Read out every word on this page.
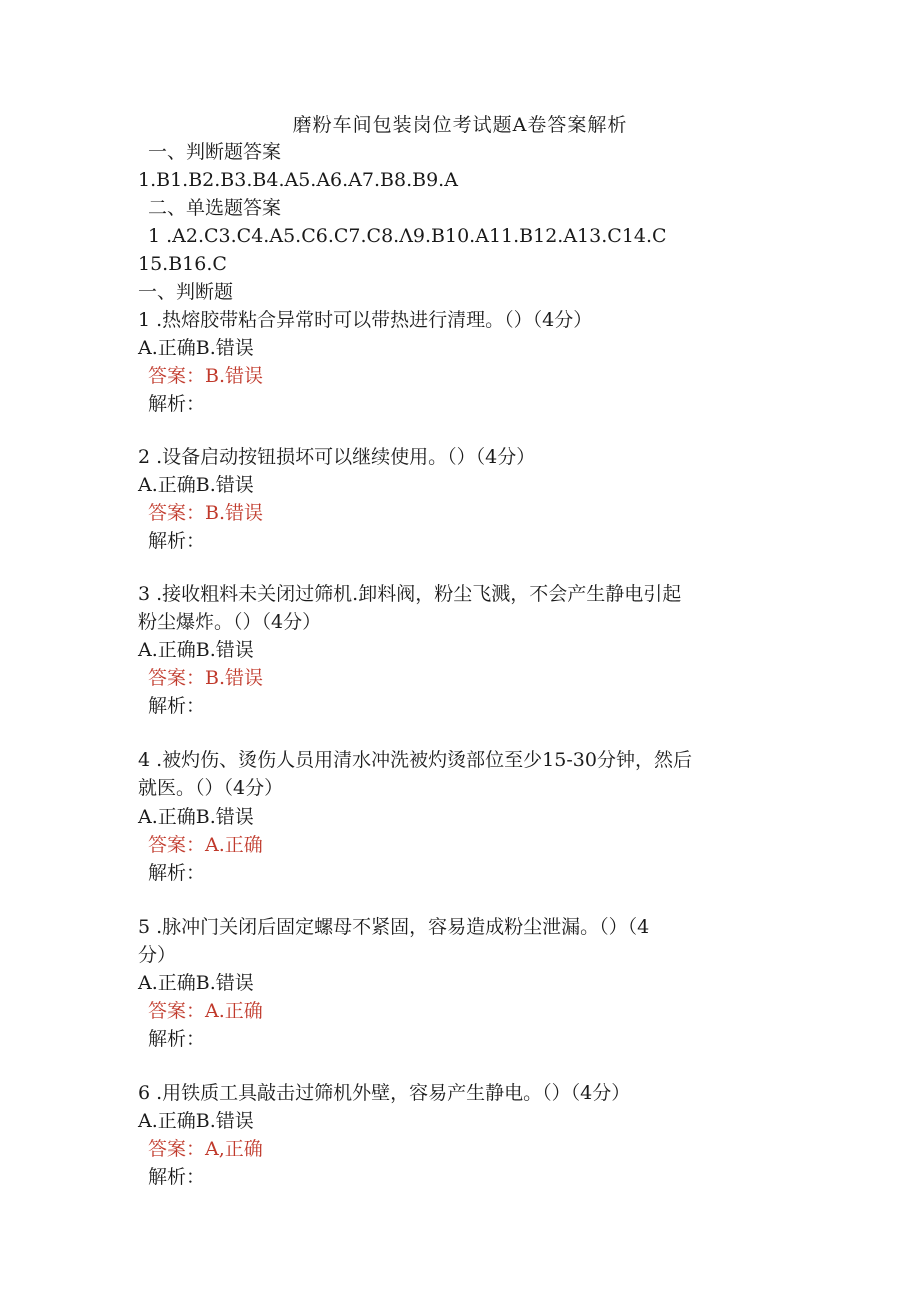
磨粉车间包装岗位考试题A卷答案解析
一、判断题答案
1.B1.B2.B3.B4.A5.A6.A7.B8.B9.A
二、单选题答案
1 .A2.C3.C4.A5.C6.C7.C8.Λ9.B10.A11.B12.A13.C14.C
15.B16.C
一、判断题
1 .热熔胶带粘合异常时可以带热进行清理。（）（4分）
A.正确B.错误
答案：B.错误
解析：
2 .设备启动按钮损坏可以继续使用。（）（4分）
A.正确B.错误
答案：B.错误
解析：
3 .接收粗料未关闭过筛机.卸料阀，粉尘飞溅，不会产生静电引起
粉尘爆炸。（）（4分）
A.正确B.错误
答案：B.错误
解析：
4 .被灼伤、烫伤人员用清水冲洗被灼烫部位至少15-30分钟，然后
就医。（）（4分）
A.正确B.错误
答案：A.正确
解析：
5 .脉冲门关闭后固定螺母不紧固，容易造成粉尘泄漏。（）（4
分）
A.正确B.错误
答案：A.正确
解析：
6 .用铁质工具敲击过筛机外壁，容易产生静电。（）（4分）
A.正确B.错误
答案：A,正确
解析：
